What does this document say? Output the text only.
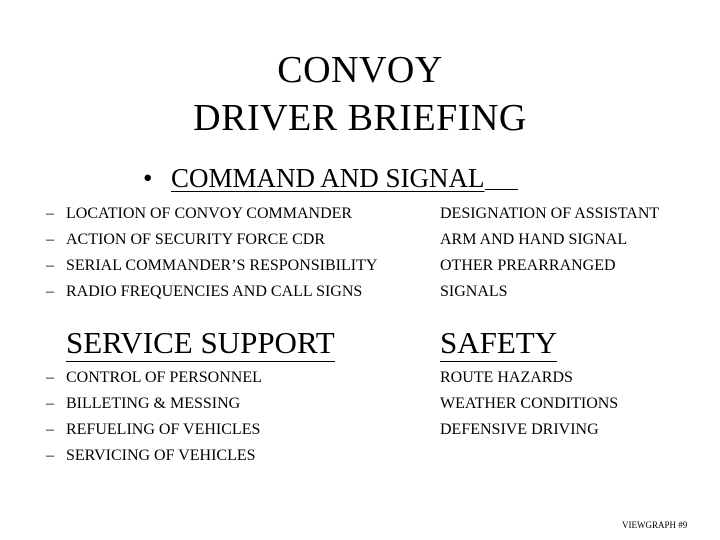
CONVOY
DRIVER BRIEFING
• COMMAND AND SIGNAL
– LOCATION OF CONVOY COMMANDER
– ACTION OF SECURITY FORCE CDR
– SERIAL COMMANDER’S RESPONSIBILITY
– RADIO FREQUENCIES AND CALL SIGNS
DESIGNATION OF ASSISTANT
ARM AND HAND SIGNAL
OTHER PREARRANGED
SIGNALS
SERVICE SUPPORT	SAFETY
– CONTROL OF PERSONNEL
– BILLETING & MESSING
– REFUELING OF VEHICLES
– SERVICING OF VEHICLES
ROUTE HAZARDS
WEATHER CONDITIONS
DEFENSIVE DRIVING
VIEWGRAPH #9
